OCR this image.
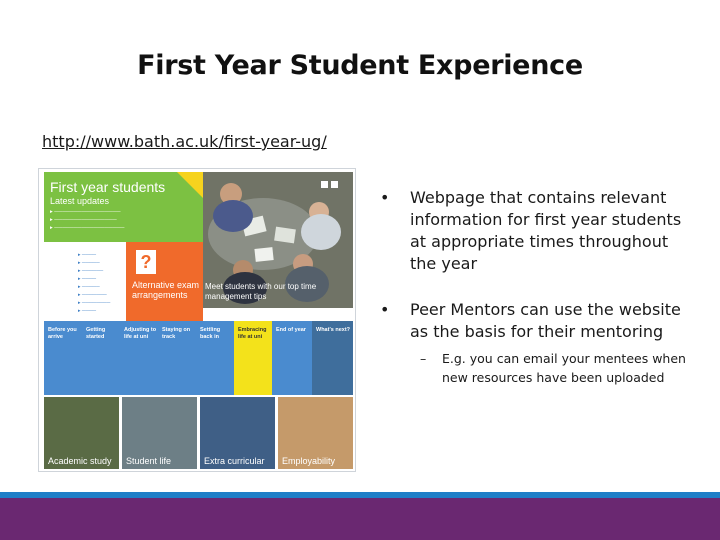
First Year Student Experience
http://www.bath.ac.uk/first-year-ug/
First year students
Latest updates
▸ ─────────────────
▸ ────────────────
▸ ──────────────────
Meet students with our top time management tips
▸ ────
▸ ─────
▸ ──────
▸ ────
▸ ─────
▸ ───────
▸ ────────
▸ ────
?
Alternative exam arrangements
Before you arrive
Getting started
Adjusting to life at uni
Staying on track
Settling back in
Embracing life at uni
End of year What's next?
Academic study Student life	Extra curricular Employability
• Webpage that contains relevant information for first year students at appropriate times throughout the year
• Peer Mentors can use the website as the basis for their mentoring
– E.g. you can email your mentees when new resources have been uploaded
